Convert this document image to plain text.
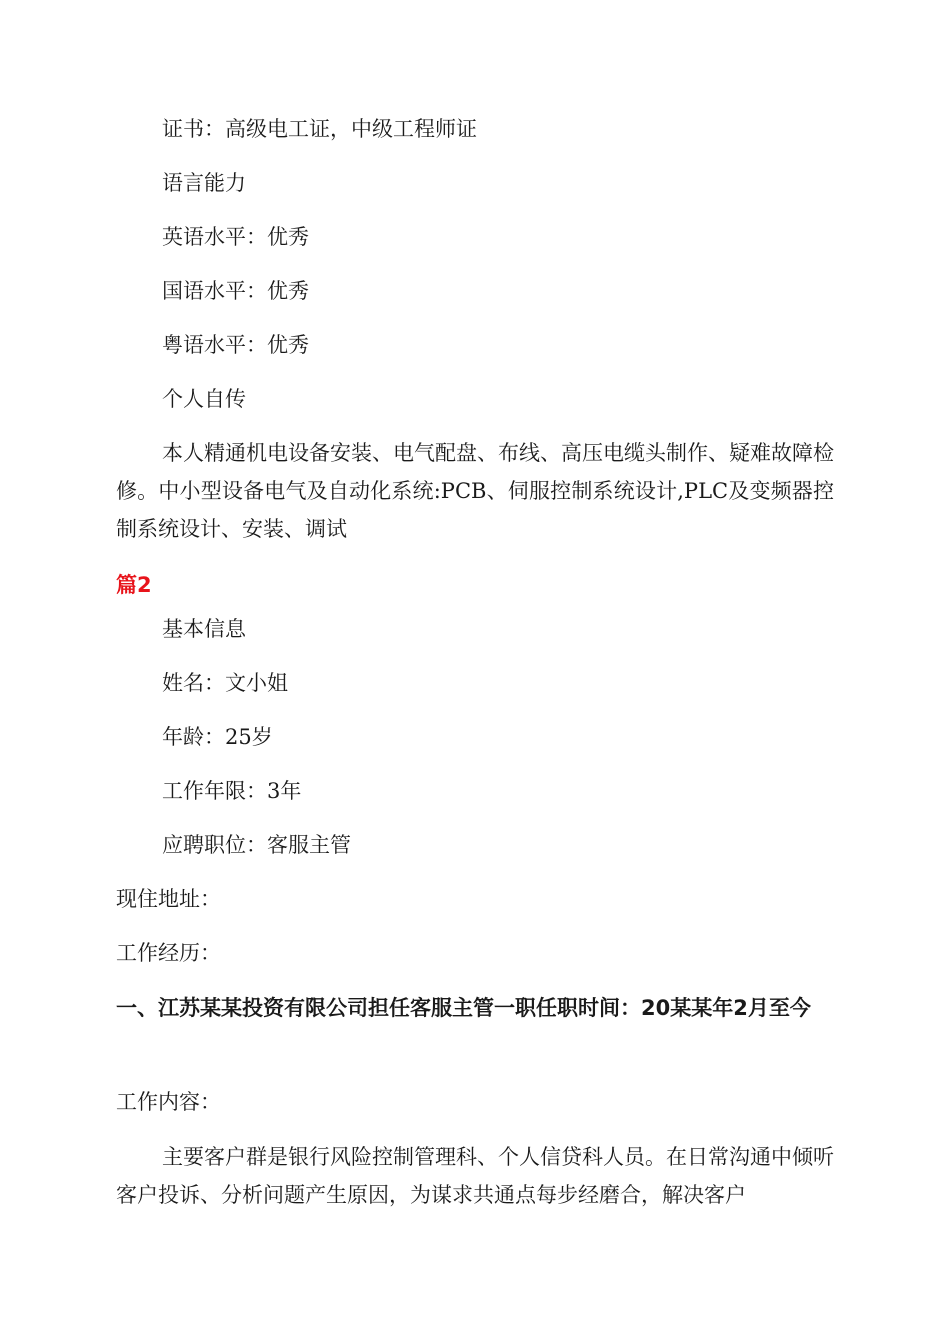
证书：高级电工证，中级工程师证
语言能力
英语水平：优秀
国语水平：优秀
粤语水平：优秀
个人自传
本人精通机电设备安装、电气配盘、布线、高压电缆头制作、疑难故障检修。中小型设备电气及自动化系统:PCB、伺服控制系统设计,PLC及变频器控制系统设计、安装、调试
篇2
基本信息
姓名：文小姐
年龄：25岁
工作年限：3年
应聘职位：客服主管
现住地址：
工作经历：
一、江苏某某投资有限公司担任客服主管一职任职时间：20某某年2月至今
工作内容：
主要客户群是银行风险控制管理科、个人信贷科人员。在日常沟通中倾听客户投诉、分析问题产生原因，为谋求共通点每步经磨合，解决客户
